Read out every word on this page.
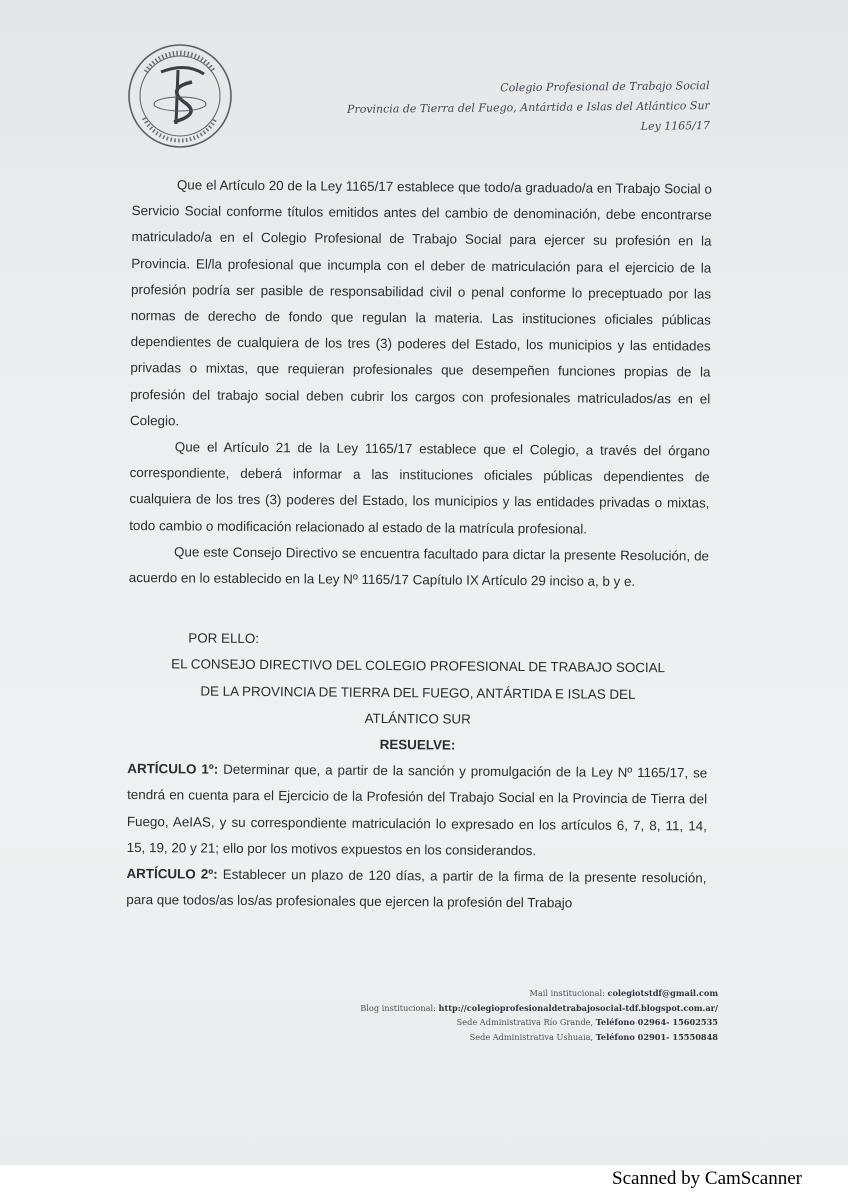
Colegio Profesional de Trabajo Social
Provincia de Tierra del Fuego, Antártida e Islas del Atlántico Sur
Ley 1165/17

Que el Artículo 20 de la Ley 1165/17 establece que todo/a graduado/a en Trabajo Social o Servicio Social conforme títulos emitidos antes del cambio de denominación, debe encontrarse matriculado/a en el Colegio Profesional de Trabajo Social para ejercer su profesión en la Provincia. El/la profesional que incumpla con el deber de matriculación para el ejercicio de la profesión podría ser pasible de responsabilidad civil o penal conforme lo preceptuado por las normas de derecho de fondo que regulan la materia. Las instituciones oficiales públicas dependientes de cualquiera de los tres (3) poderes del Estado, los municipios y las entidades privadas o mixtas, que requieran profesionales que desempeñen funciones propias de la profesión del trabajo social deben cubrir los cargos con profesionales matriculados/as en el Colegio.

Que el Artículo 21 de la Ley 1165/17 establece que el Colegio, a través del órgano correspondiente, deberá informar a las instituciones oficiales públicas dependientes de cualquiera de los tres (3) poderes del Estado, los municipios y las entidades privadas o mixtas, todo cambio o modificación relacionado al estado de la matrícula profesional.

Que este Consejo Directivo se encuentra facultado para dictar la presente Resolución, de acuerdo en lo establecido en la Ley Nº 1165/17 Capítulo IX Artículo 29 inciso a, b y e.

POR ELLO:

EL CONSEJO DIRECTIVO DEL COLEGIO PROFESIONAL DE TRABAJO SOCIAL

DE LA PROVINCIA DE TIERRA DEL FUEGO, ANTÁRTIDA E ISLAS DEL

ATLÁNTICO SUR

RESUELVE:

ARTÍCULO 1º: Determinar que, a partir de la sanción y promulgación de la Ley Nº 1165/17, se tendrá en cuenta para el Ejercicio de la Profesión del Trabajo Social en la Provincia de Tierra del Fuego, AeIAS, y su correspondiente matriculación lo expresado en los artículos 6, 7, 8, 11, 14, 15, 19, 20 y 21; ello por los motivos expuestos en los considerandos.

ARTÍCULO 2º: Establecer un plazo de 120 días, a partir de la firma de la presente resolución, para que todos/as los/as profesionales que ejercen la profesión del Trabajo

Mail institucional: colegiotstdf@gmail.com
Blog institucional: http://colegioprofesionaldetrabajosocial-tdf.blogspot.com.ar/
Sede Administrativa Río Grande, Teléfono 02964- 15602535
Sede Administrativa Ushuaia, Teléfono 02901- 15550848
Scanned by CamScanner
